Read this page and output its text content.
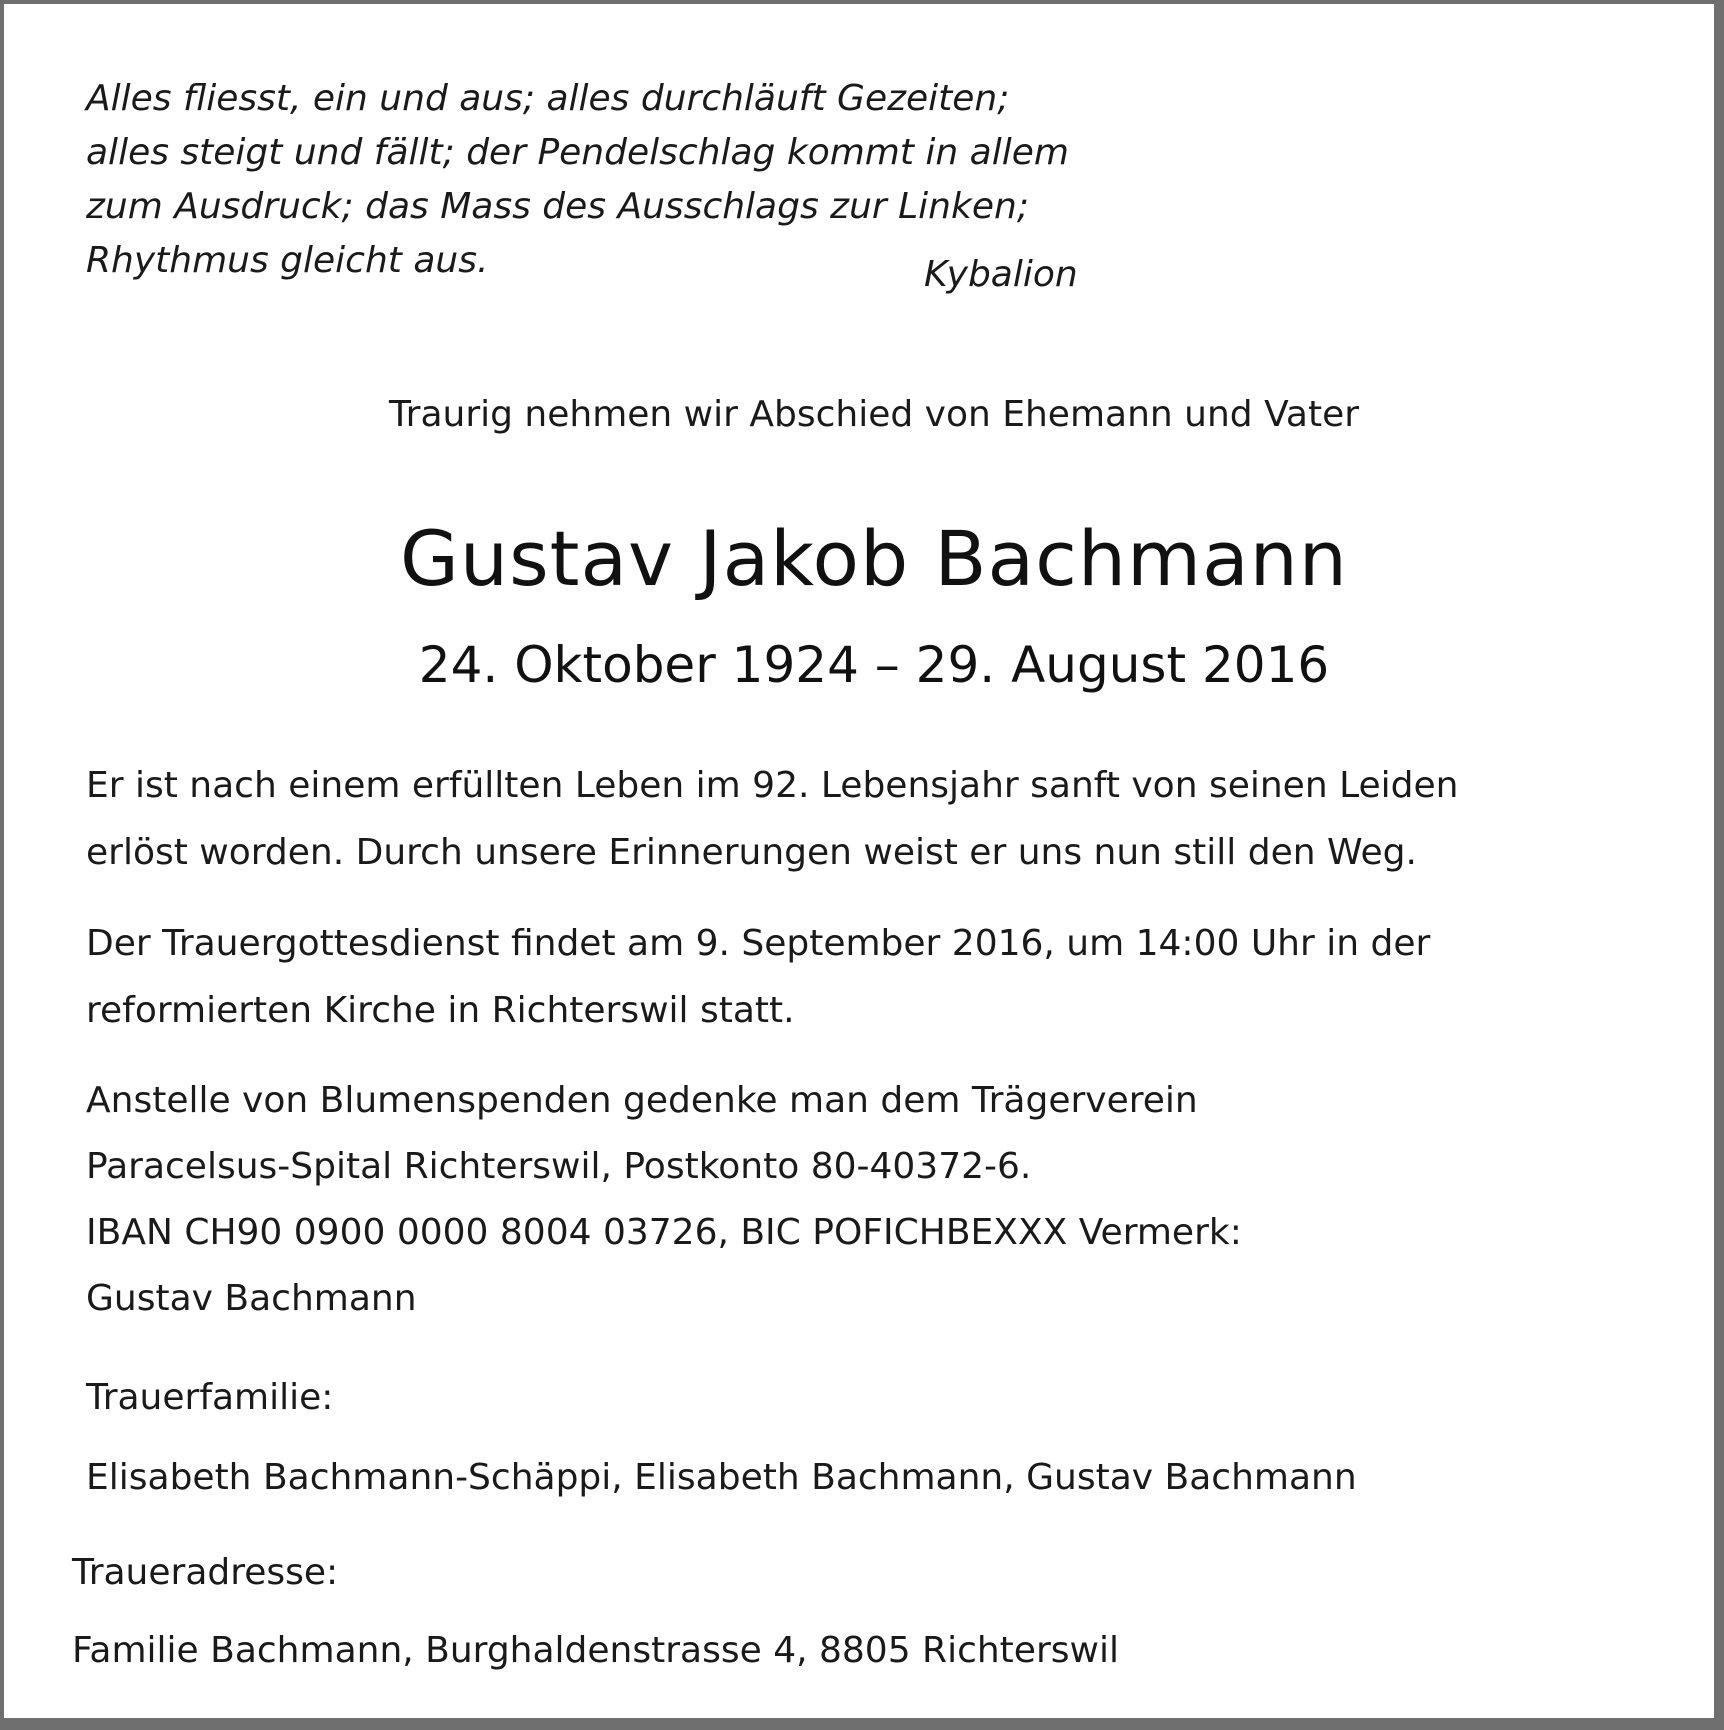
Alles fliesst, ein und aus; alles durchläuft Gezeiten;
alles steigt und fällt; der Pendelschlag kommt in allem
zum Ausdruck; das Mass des Ausschlags zur Linken;
Rhythmus gleicht aus.	Kybalion
Traurig nehmen wir Abschied von Ehemann und Vater
Gustav Jakob Bachmann
24. Oktober 1924 – 29. August 2016
Er ist nach einem erfüllten Leben im 92. Lebensjahr sanft von seinen Leiden
erlöst worden. Durch unsere Erinnerungen weist er uns nun still den Weg.
Der Trauergottesdienst findet am 9. September 2016, um 14:00 Uhr in der
reformierten Kirche in Richterswil statt.
Anstelle von Blumenspenden gedenke man dem Trägerverein
Paracelsus-Spital Richterswil, Postkonto 80-40372-6.
IBAN CH90 0900 0000 8004 03726, BIC POFICHBEXXX Vermerk:
Gustav Bachmann
Trauerfamilie:
Elisabeth Bachmann-Schäppi, Elisabeth Bachmann, Gustav Bachmann
Traueradresse:
Familie Bachmann, Burghaldenstrasse 4, 8805 Richterswil
